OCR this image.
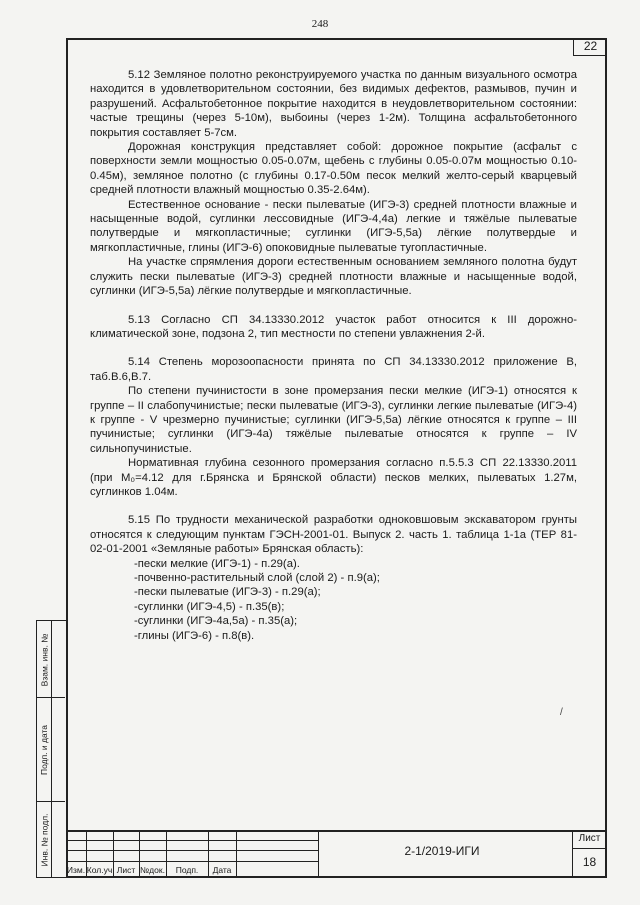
248
22

5.12 Земляное полотно реконструируемого участка по данным визуального осмотра находится в удовлетворительном состоянии, без видимых дефектов, размывов, пучин и разрушений. Асфальтобетонное покрытие находится в неудовлетворительном состоянии: частые трещины (через 5-10м), выбоины (через 1-2м). Толщина асфальтобетонного покрытия составляет 5-7см.

Дорожная конструкция представляет собой: дорожное покрытие (асфальт с поверхности земли мощностью 0.05-0.07м, щебень с глубины 0.05-0.07м мощностью 0.10-0.45м), земляное полотно (с глубины 0.17-0.50м песок мелкий желто-серый кварцевый средней плотности влажный мощностью 0.35-2.64м).

Естественное основание - пески пылеватые (ИГЭ-3) средней плотности влажные и насыщенные водой, суглинки лессовидные (ИГЭ-4,4а) легкие и тяжёлые пылеватые полутвердые и мягкопластичные; суглинки (ИГЭ-5,5а) лёгкие полутвердые и мягкопластичные, глины (ИГЭ-6) опоковидные пылеватые тугопластичные.

На участке спрямления дороги естественным основанием земляного полотна будут служить пески пылеватые (ИГЭ-3) средней плотности влажные и насыщенные водой, суглинки (ИГЭ-5,5а) лёгкие полутвердые и мягкопластичные.

5.13 Согласно СП 34.13330.2012 участок работ относится к III дорожно-климатической зоне, подзона 2, тип местности по степени увлажнения 2-й.

5.14 Степень морозоопасности принята по СП 34.13330.2012 приложение В, таб.В.6,В.7.

По степени пучинистости в зоне промерзания пески мелкие (ИГЭ-1) относятся к группе – II слабопучинистые; пески пылеватые (ИГЭ-3), суглинки легкие пылеватые (ИГЭ-4) к группе - V чрезмерно пучинистые; суглинки (ИГЭ-5,5а) лёгкие относятся к группе – III пучинистые; суглинки (ИГЭ-4а) тяжёлые пылеватые относятся к группе – IV сильнопучинистые.

Нормативная глубина сезонного промерзания согласно п.5.5.3 СП 22.13330.2011 (при M₀=4.12 для г.Брянска и Брянской области) песков мелких, пылеватых 1.27м, суглинков 1.04м.

5.15 По трудности механической разработки одноковшовым экскаватором грунты относятся к следующим пунктам ГЭСН-2001-01. Выпуск 2. часть 1. таблица 1-1а (ТЕР 81-02-01-2001 «Земляные работы» Брянская область):

-пески мелкие (ИГЭ-1) - п.29(а).

-почвенно-растительный слой (слой 2) - п.9(а);

-пески пылеватые (ИГЭ-3) - п.29(а);

-суглинки (ИГЭ-4,5) - п.35(в);

-суглинки (ИГЭ-4а,5а) - п.35(а);

-глины (ИГЭ-6) - п.8(в).

/
Взам. инв. №
Подп. и дата
Инв. № подл.
Изм. Кол.уч Лист №док.	Подп.	Дата
2-1/2019-ИГИ
Лист
18
